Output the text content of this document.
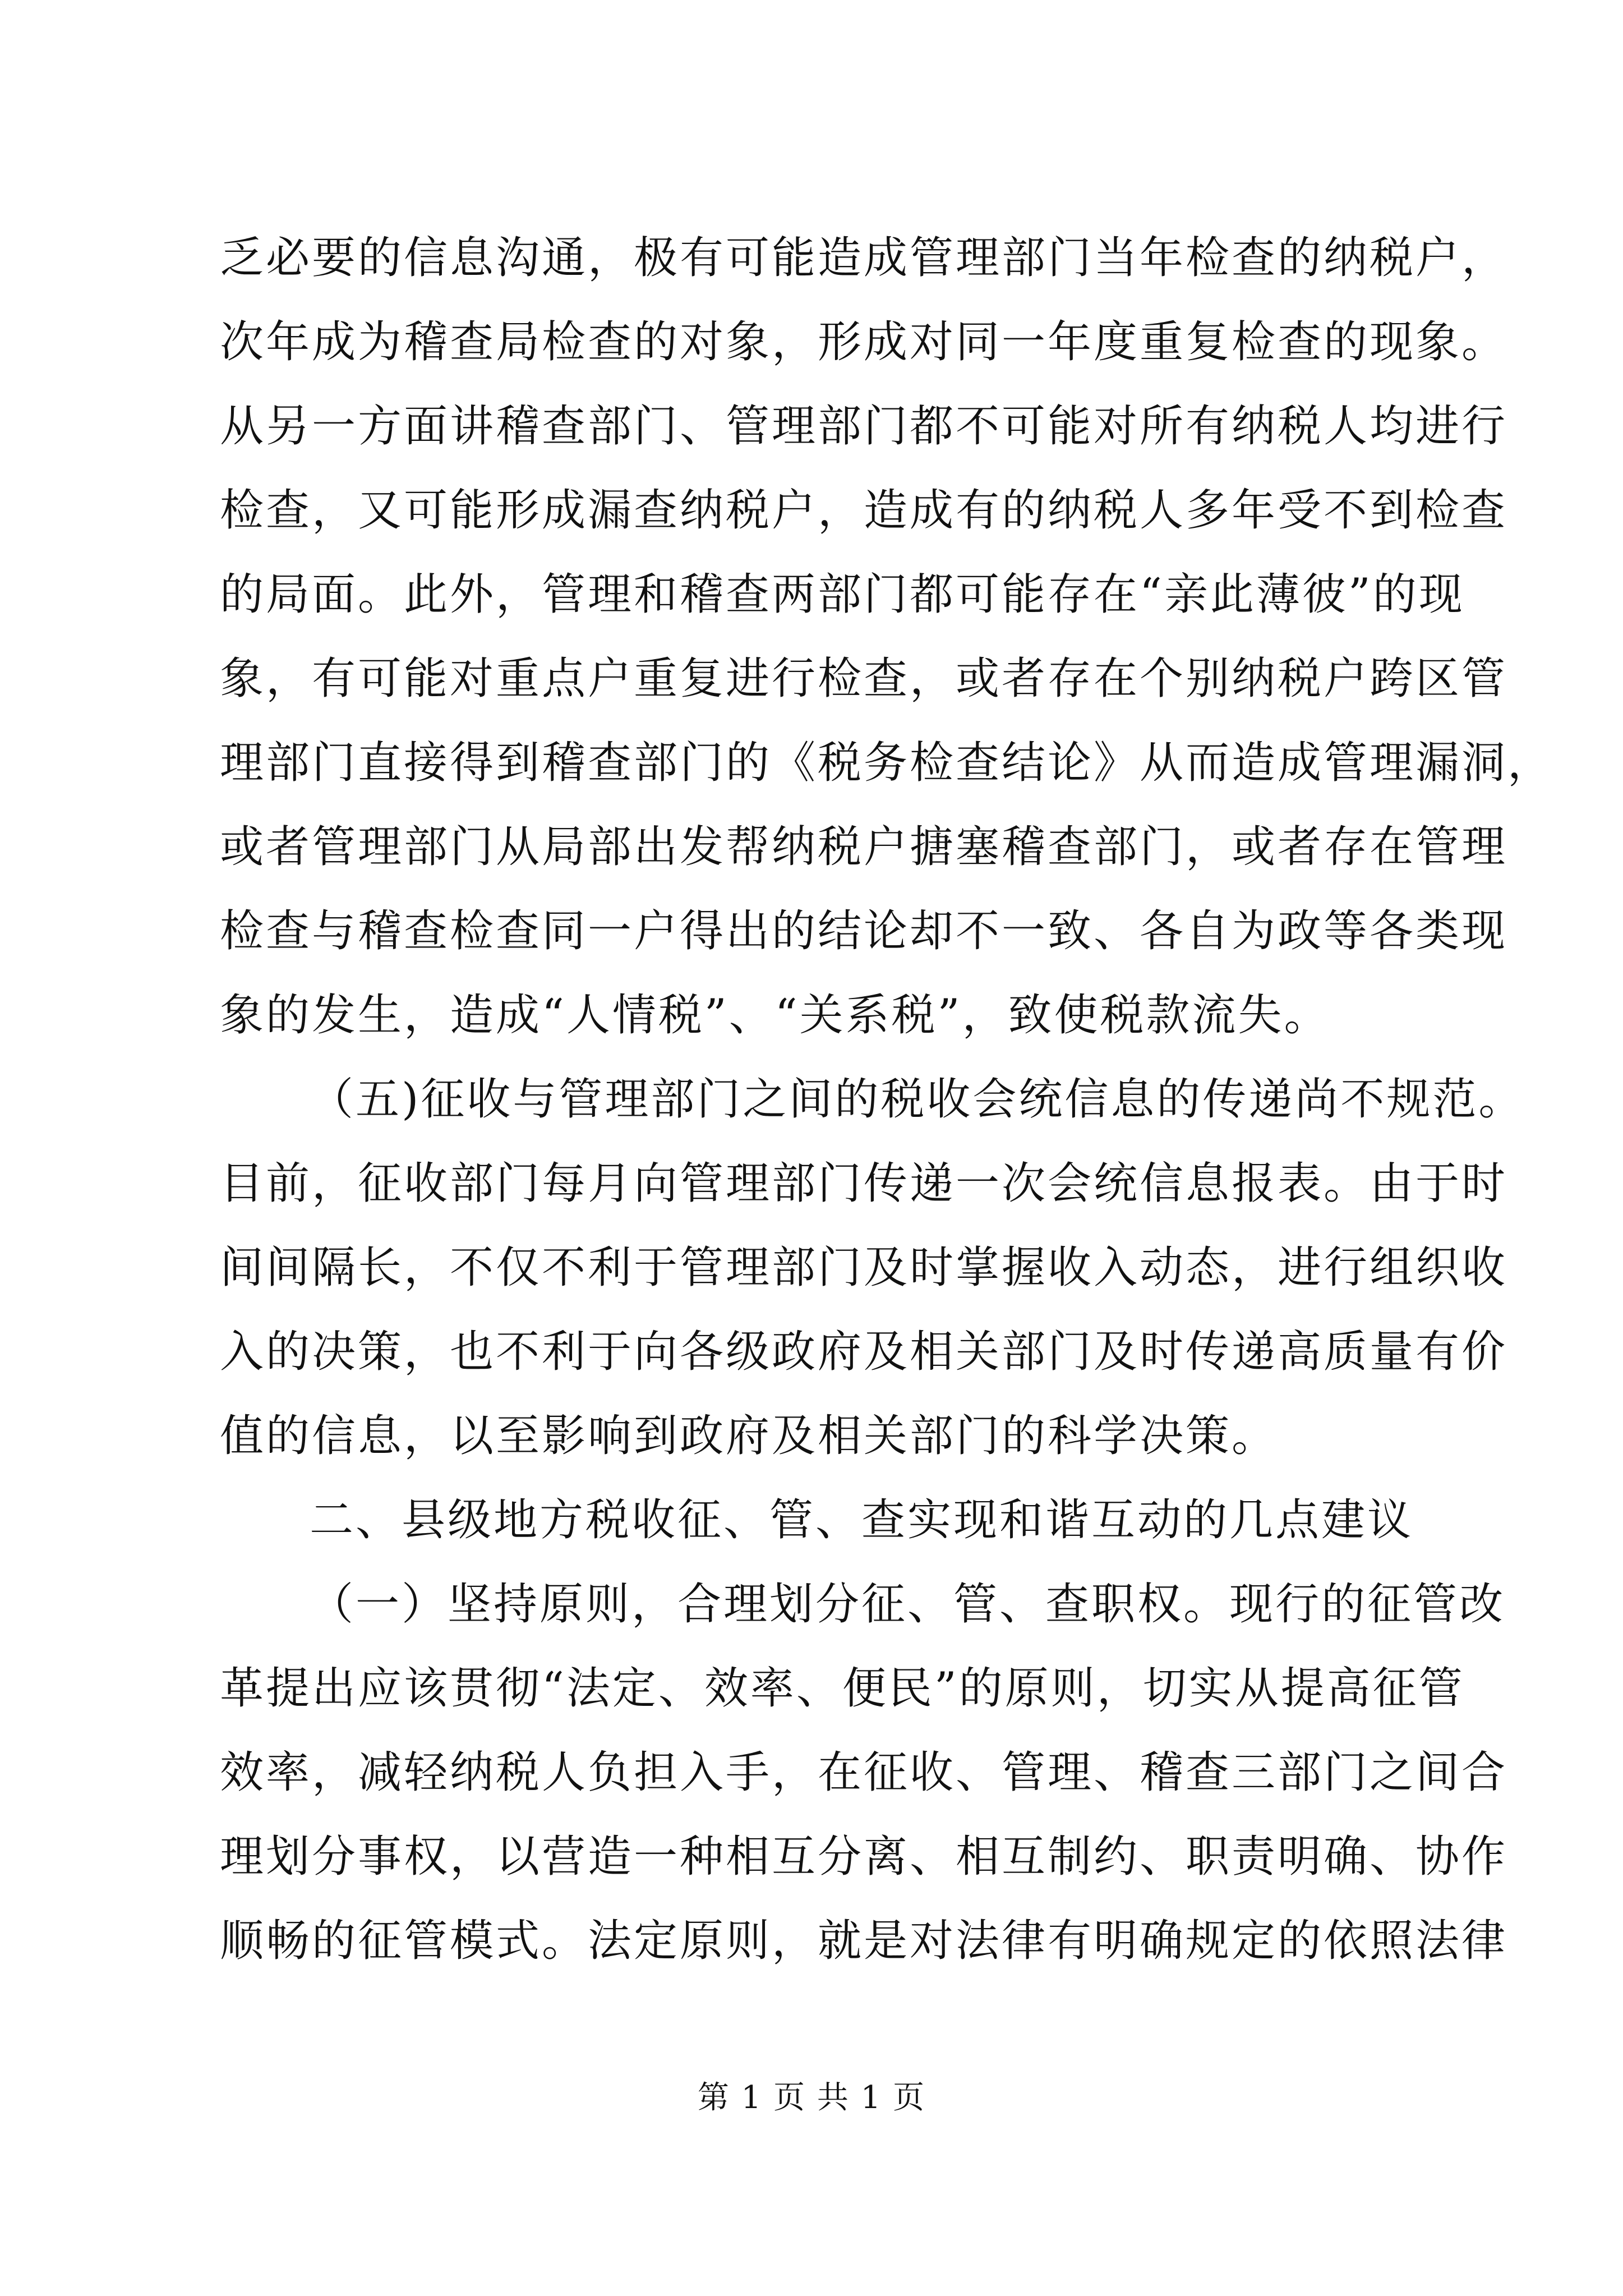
乏必要的信息沟通，极有可能造成管理部门当年检查的纳税户，
次年成为稽查局检查的对象，形成对同一年度重复检查的现象。
从另一方面讲稽查部门、管理部门都不可能对所有纳税人均进行
检查，又可能形成漏查纳税户，造成有的纳税人多年受不到检查
的局面。此外，管理和稽查两部门都可能存在“亲此薄彼”的现
象，有可能对重点户重复进行检查，或者存在个别纳税户跨区管
理部门直接得到稽查部门的《税务检查结论》从而造成管理漏洞，
或者管理部门从局部出发帮纳税户搪塞稽查部门，或者存在管理
检查与稽查检查同一户得出的结论却不一致、各自为政等各类现
象的发生，造成“人情税”、“关系税”，致使税款流失。
（五)征收与管理部门之间的税收会统信息的传递尚不规范。
目前，征收部门每月向管理部门传递一次会统信息报表。由于时
间间隔长，不仅不利于管理部门及时掌握收入动态，进行组织收
入的决策，也不利于向各级政府及相关部门及时传递高质量有价
值的信息，以至影响到政府及相关部门的科学决策。
二、县级地方税收征、管、查实现和谐互动的几点建议
（一）坚持原则，合理划分征、管、查职权。现行的征管改
革提出应该贯彻“法定、效率、便民”的原则，切实从提高征管
效率，减轻纳税人负担入手，在征收、管理、稽查三部门之间合
理划分事权，以营造一种相互分离、相互制约、职责明确、协作
顺畅的征管模式。法定原则，就是对法律有明确规定的依照法律
第 1 页 共 1 页
